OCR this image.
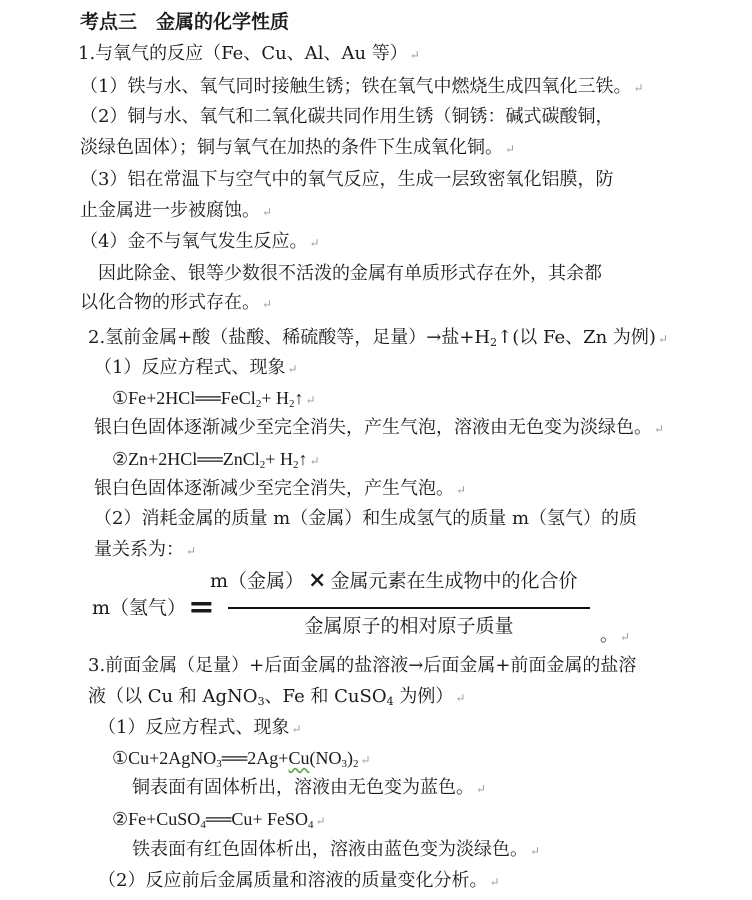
考点三　金属的化学性质
1.与氧气的反应（Fe、Cu、Al、Au 等） ↵
（1）铁与水、氧气同时接触生锈；铁在氧气中燃烧生成四氧化三铁。 ↵
（2）铜与水、氧气和二氧化碳共同作用生锈（铜锈：碱式碳酸铜，
淡绿色固体）；铜与氧气在加热的条件下生成氧化铜。 ↵
（3）铝在常温下与空气中的氧气反应，生成一层致密氧化铝膜，防
止金属进一步被腐蚀。 ↵
（4）金不与氧气发生反应。 ↵
　因此除金、银等少数很不活泼的金属有单质形式存在外，其余都
以化合物的形式存在。 ↵
2.氢前金属+酸（盐酸、稀硫酸等，足量）→盐$+H_2↑$(以 Fe、Zn 为例) ↵
（1）反应方程式、现象 ↵
①Fe+2HCl══FeCl$_2$+ $H_2↑$ ↵
银白色固体逐渐减少至完全消失，产生气泡，溶液由无色变为淡绿色。 ↵
②Zn+2HCl══ZnCl$_2$+ $H_2↑$ ↵
银白色固体逐渐减少至完全消失，产生气泡。 ↵
（2）消耗金属的质量 m（金属）和生成氢气的质量 m（氢气）的质
量关系为： ↵
m（氢气） =
m（金属） × 金属元素在生成物中的化合价
金属原子的相对原子质量	。 ↵
3.前面金属（足量）+后面金属的盐溶液→后面金属+前面金属的盐溶
液（以 Cu 和 AgNO$_3$、Fe 和 CuSO$_4$ 为例） ↵
（1）反应方程式、现象 ↵
$①Cu+2AgNO_3══2Ag+Cu(NO_3)_2$ ↵
铜表面有固体析出，溶液由无色变为蓝色。 ↵
②Fe+CuSO$_4$══Cu+ FeSO$_4$ ↵
铁表面有红色固体析出，溶液由蓝色变为淡绿色。 ↵
（2）反应前后金属质量和溶液的质量变化分析。 ↵
